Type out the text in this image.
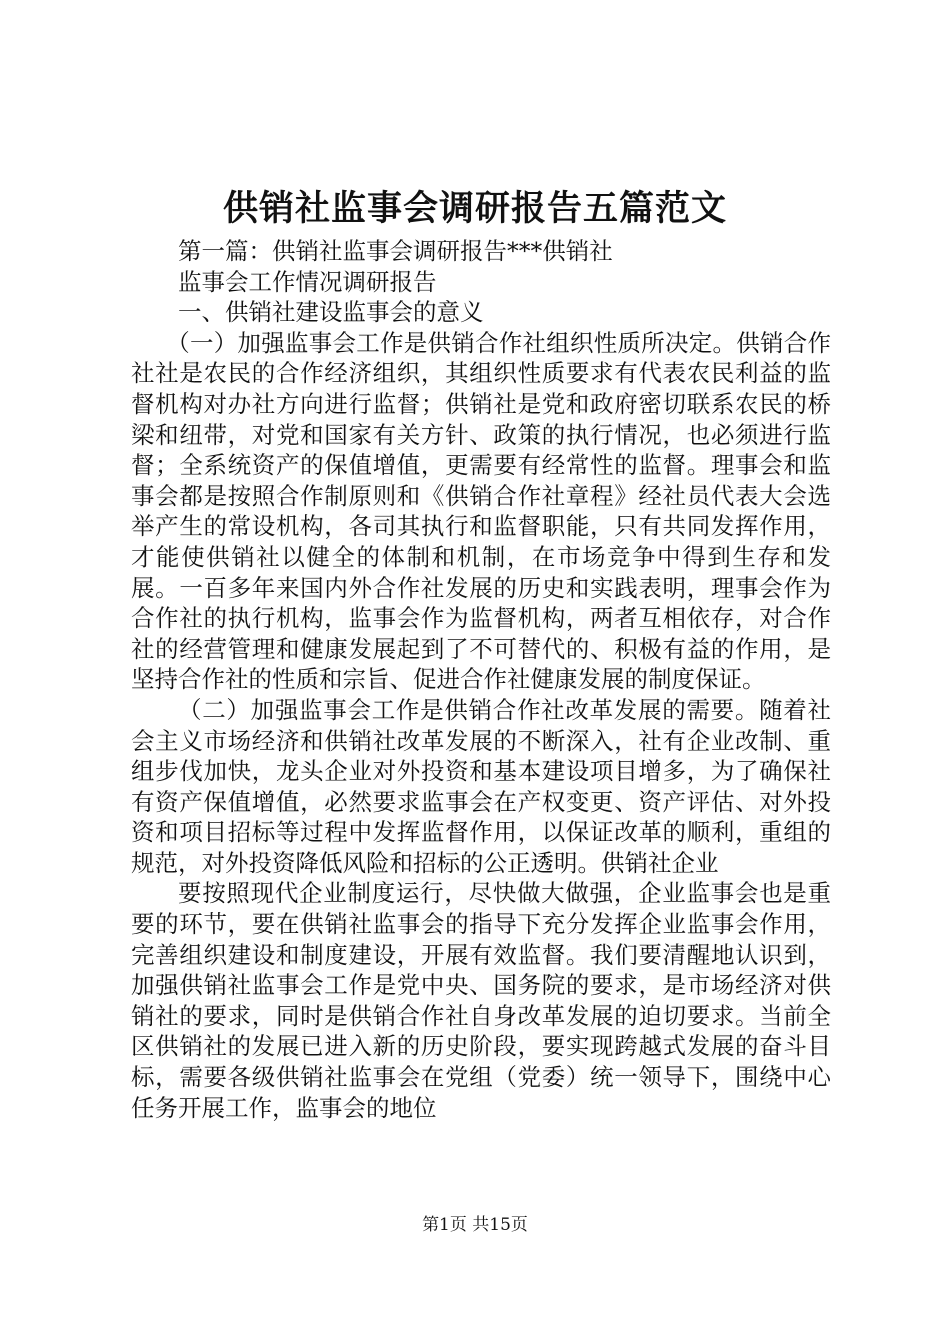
供销社监事会调研报告五篇范文

第一篇：供销社监事会调研报告***供销社

监事会工作情况调研报告

一、供销社建设监事会的意义

（一）加强监事会工作是供销合作社组织性质所决定。供销合作社社是农民的合作经济组织，其组织性质要求有代表农民利益的监督机构对办社方向进行监督；供销社是党和政府密切联系农民的桥梁和纽带，对党和国家有关方针、政策的执行情况，也必须进行监督；全系统资产的保值增值，更需要有经常性的监督。理事会和监事会都是按照合作制原则和《供销合作社章程》经社员代表大会选举产生的常设机构，各司其执行和监督职能，只有共同发挥作用，才能使供销社以健全的体制和机制，在市场竞争中得到生存和发展。一百多年来国内外合作社发展的历史和实践表明，理事会作为合作社的执行机构，监事会作为监督机构，两者互相依存，对合作社的经营管理和健康发展起到了不可替代的、积极有益的作用，是坚持合作社的性质和宗旨、促进合作社健康发展的制度保证。

（二）加强监事会工作是供销合作社改革发展的需要。随着社会主义市场经济和供销社改革发展的不断深入，社有企业改制、重组步伐加快，龙头企业对外投资和基本建设项目增多，为了确保社有资产保值增值，必然要求监事会在产权变更、资产评估、对外投资和项目招标等过程中发挥监督作用，以保证改革的顺利，重组的规范，对外投资降低风险和招标的公正透明。供销社企业

要按照现代企业制度运行，尽快做大做强，企业监事会也是重要的环节，要在供销社监事会的指导下充分发挥企业监事会作用，完善组织建设和制度建设，开展有效监督。我们要清醒地认识到，加强供销社监事会工作是党中央、国务院的要求，是市场经济对供销社的要求，同时是供销合作社自身改革发展的迫切要求。当前全区供销社的发展已进入新的历史阶段，要实现跨越式发展的奋斗目标，需要各级供销社监事会在党组（党委）统一领导下，围绕中心任务开展工作，监事会的地位

第1页 共15页
